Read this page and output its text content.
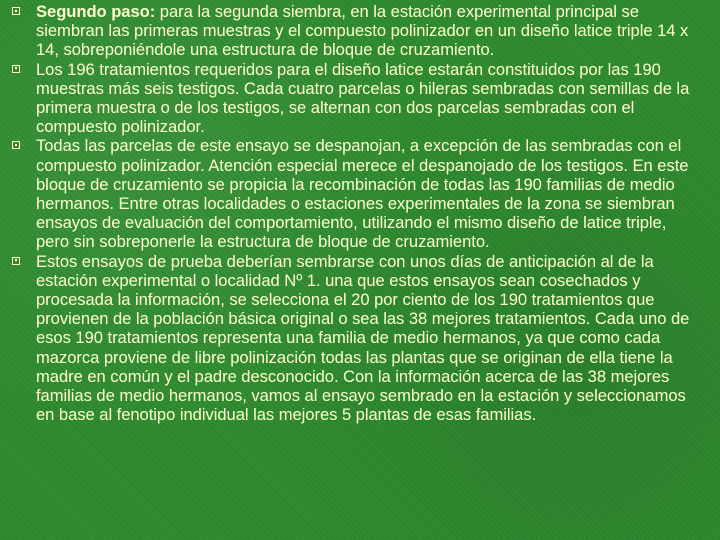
Segundo paso: para la segunda siembra, en la estación experimental principal se siembran las primeras muestras y el compuesto polinizador en un diseño latice triple 14 x 14, sobreponiéndole una estructura de bloque de cruzamiento.
Los 196 tratamientos requeridos para el diseño latice estarán constituidos por las 190 muestras más seis testigos. Cada cuatro parcelas o hileras sembradas con semillas de la primera muestra o de los testigos, se alternan con dos parcelas sembradas con el compuesto polinizador.
Todas las parcelas de este ensayo se despanojan, a excepción de las sembradas con el compuesto polinizador. Atención especial merece el despanojado de los testigos. En este bloque de cruzamiento se propicia la recombinación de todas las 190 familias de medio hermanos. Entre otras localidades o estaciones experimentales de la zona se siembran ensayos de evaluación del comportamiento, utilizando el mismo diseño de latice triple, pero sin sobreponerle la estructura de bloque de cruzamiento.
Estos ensayos de prueba deberían sembrarse con unos días de anticipación al de la estación experimental o localidad Nº 1. una que estos ensayos sean cosechados y procesada la información, se selecciona el 20 por ciento de los 190 tratamientos que provienen de la población básica original o sea las 38 mejores tratamientos. Cada uno de esos 190 tratamientos representa una familia de medio hermanos, ya que como cada mazorca proviene de libre polinización todas las plantas que se originan de ella tiene la madre en común y el padre desconocido. Con la información acerca de las 38 mejores familias de medio hermanos, vamos al ensayo sembrado en la estación y seleccionamos en base al fenotipo individual las mejores 5 plantas de esas familias.
